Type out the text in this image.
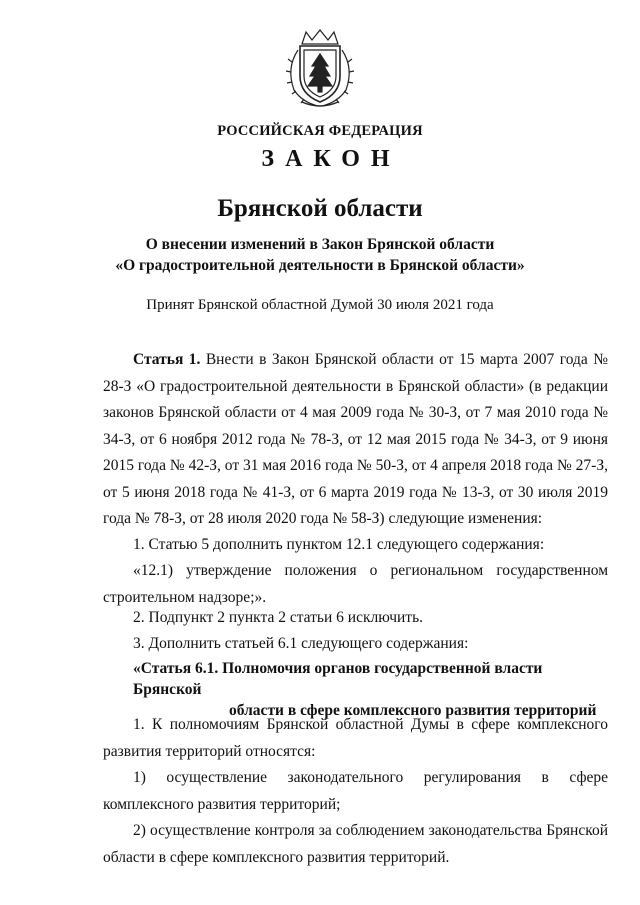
РОССИЙСКАЯ ФЕДЕРАЦИЯ
ЗАКОН
Брянской области
О внесении изменений в Закон Брянской области
«О градостроительной деятельности в Брянской области»
Принят Брянской областной Думой 30 июля 2021 года

Статья 1. Внести в Закон Брянской области от 15 марта 2007 года № 28-З «О градостроительной деятельности в Брянской области» (в редакции законов Брянской области от 4 мая 2009 года № 30-З, от 7 мая 2010 года № 34-З, от 6 ноября 2012 года № 78-З, от 12 мая 2015 года № 34-З, от 9 июня 2015 года № 42-З, от 31 мая 2016 года № 50-З, от 4 апреля 2018 года № 27-З, от 5 июня 2018 года № 41-З, от 6 марта 2019 года № 13-З, от 30 июля 2019 года № 78-З, от 28 июля 2020 года № 58-З) следующие изменения:

1. Статью 5 дополнить пунктом 12.1 следующего содержания:

«12.1) утверждение положения о региональном государственном

строительном надзоре;».

2. Подпункт 2 пункта 2 статьи 6 исключить.

3. Дополнить статьей 6.1 следующего содержания:

«Статья 6.1. Полномочия органов государственной власти Брянской
области в сфере комплексного развития территорий

1. К полномочиям Брянской областной Думы в сфере комплексного развития территорий относятся:

1) осуществление законодательного регулирования в сфере

комплексного развития территорий;

2) осуществление контроля за соблюдением законодательства Брянской области в сфере комплексного развития территорий.
